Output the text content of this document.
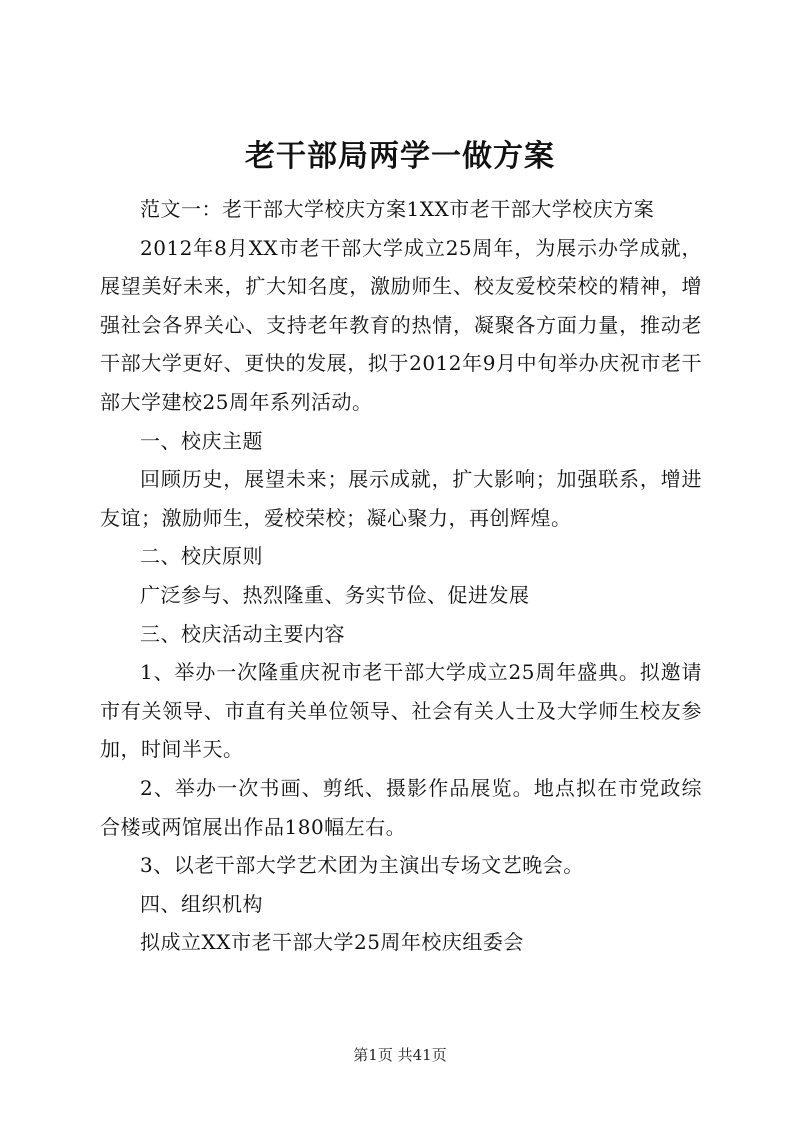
老干部局两学一做方案

范文一：老干部大学校庆方案1XX市老干部大学校庆方案

2012年8月XX市老干部大学成立25周年，为展示办学成就，展望美好未来，扩大知名度，激励师生、校友爱校荣校的精神，增强社会各界关心、支持老年教育的热情，凝聚各方面力量，推动老干部大学更好、更快的发展，拟于2012年9月中旬举办庆祝市老干部大学建校25周年系列活动。

一、校庆主题

回顾历史，展望未来；展示成就，扩大影响；加强联系，增进友谊；激励师生，爱校荣校；凝心聚力，再创辉煌。

二、校庆原则

广泛参与、热烈隆重、务实节俭、促进发展

三、校庆活动主要内容

1、举办一次隆重庆祝市老干部大学成立25周年盛典。拟邀请市有关领导、市直有关单位领导、社会有关人士及大学师生校友参加，时间半天。

2、举办一次书画、剪纸、摄影作品展览。地点拟在市党政综合楼或两馆展出作品180幅左右。

3、以老干部大学艺术团为主演出专场文艺晚会。

四、组织机构

拟成立XX市老干部大学25周年校庆组委会

第1页 共41页
